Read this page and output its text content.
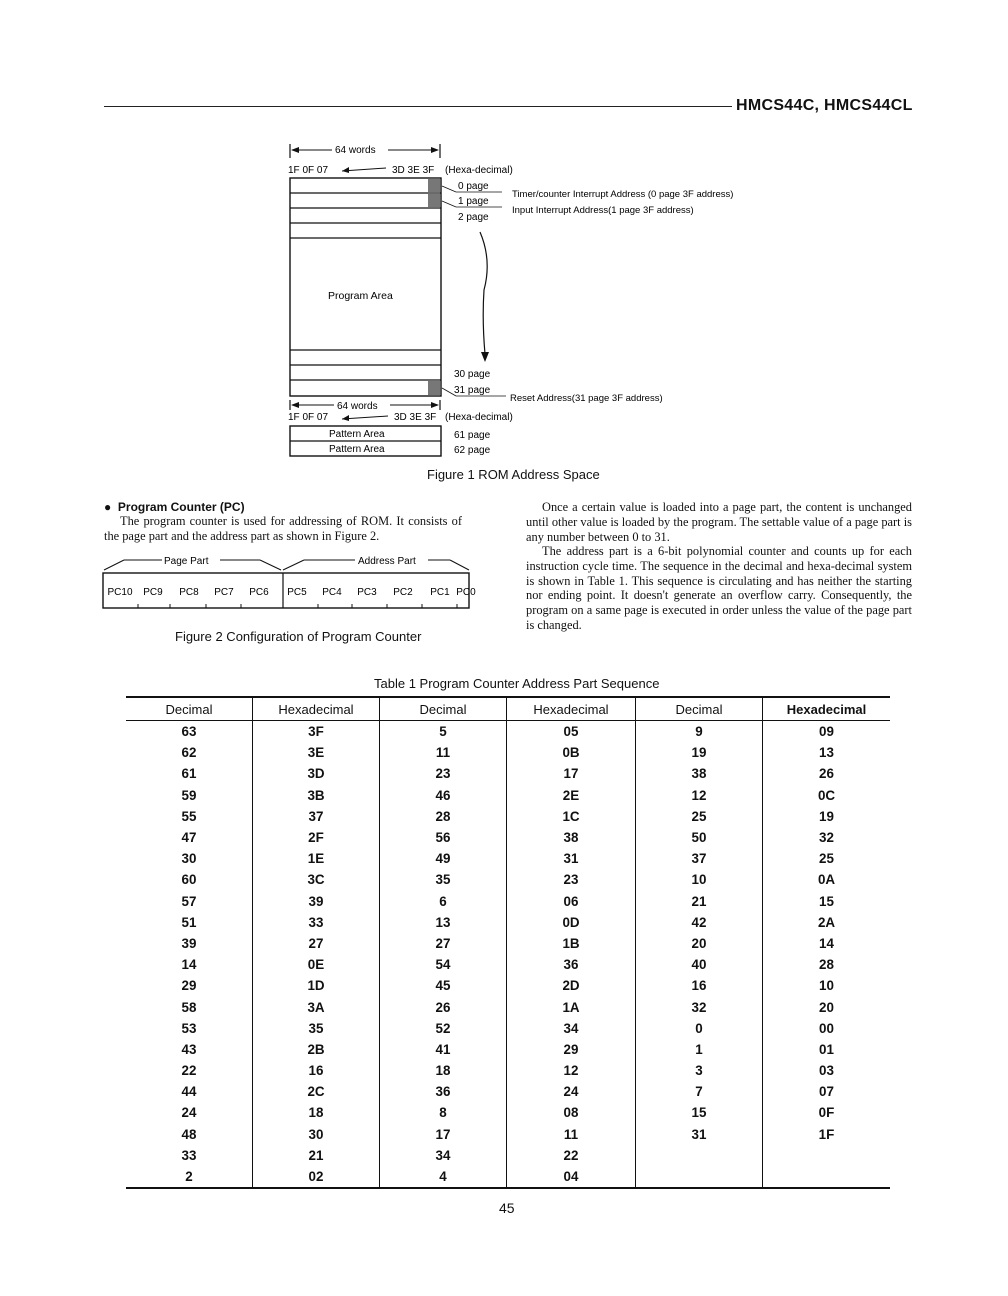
HMCS44C, HMCS44CL
64 words
1F 0F 07	3D 3E 3F (Hexa-decimal)
Program Area
0 page
1 page
2 page
Timer/counter Interrupt Address (0 page 3F address)
Input Interrupt Address(1 page 3F address)
30 page
31 page
Reset Address(31 page 3F address)
64 words
1F 0F 07	3D 3E 3F (Hexa-decimal)
Pattern Area
Pattern Area
61 page
62 page
Figure 1 ROM Address Space
●  Program Counter (PC)
The program counter is used for addressing of ROM. It consists of the page part and the address part as shown in Figure 2.
Page Part	Address Part
PC10 PC9 PC8 PC7 PC6 PC5 PC4 PC3 PC2 PC1 PC0
Figure 2 Configuration of Program Counter
Once a certain value is loaded into a page part, the content is unchanged until other value is loaded by the program. The settable value of a page part is any number between 0 to 31.
The address part is a 6-bit polynomial counter and counts up for each instruction cycle time. The sequence in the decimal and hexa-decimal system is shown in Table 1. This sequence is circulating and has neither the starting nor ending point. It doesn't generate an overflow carry. Consequently, the program on a same page is executed in order unless the value of the page part is changed.
Table 1 Program Counter Address Part Sequence
Decimal	Hexadecimal	Decimal	Hexadecimal	Decimal	Hexadecimal
63	3F	5	05	9	09
62	3E	11	0B	19	13
61	3D	23	17	38	26
59	3B	46	2E	12	0C
55	37	28	1C	25	19
47	2F	56	38	50	32
30	1E	49	31	37	25
60	3C	35	23	10	0A
57	39	6	06	21	15
51	33	13	0D	42	2A
39	27	27	1B	20	14
14	0E	54	36	40	28
29	1D	45	2D	16	10
58	3A	26	1A	32	20
53	35	52	34	0	00
43	2B	41	29	1	01
22	16	18	12	3	03
44	2C	36	24	7	07
24	18	8	08	15	0F
48	30	17	11	31	1F
33	21	34	22		
2	02	4	04		
45
